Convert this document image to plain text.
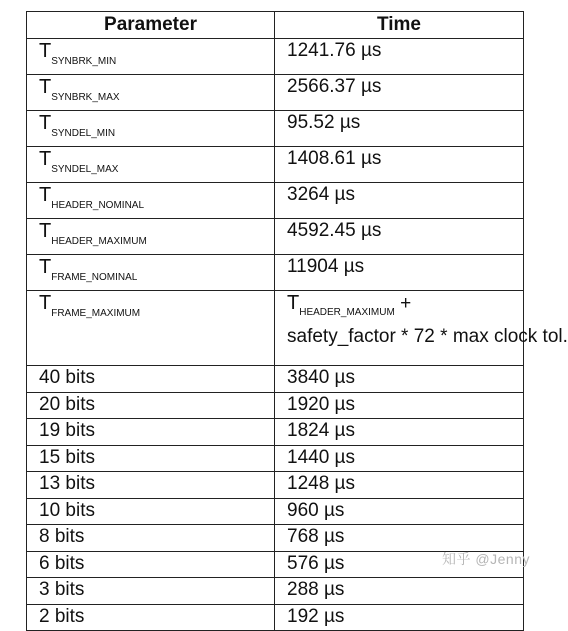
Parameter	Time
$T_{SYNBRK\_MIN}$	1241.76 µs
$T_{SYNBRK\_MAX}$	2566.37 µs
$T_{SYNDEL\_MIN}$	95.52 µs
$T_{SYNDEL\_MAX}$	1408.61 µs
$T_{HEADER\_NOMINAL}$	3264 µs
$T_{HEADER\_MAXIMUM}$	4592.45 µs
$T_{FRAME\_NOMINAL}$	11904 µs
$T_{FRAME\_MAXIMUM}$	$T_{HEADER\_MAXIMUM}$ +
safety_factor * 72 * max clock tol.
40 bits	3840 µs
20 bits	1920 µs
19 bits	1824 µs
15 bits	1440 µs
13 bits	1248 µs
10 bits	960 µs
8 bits	768 µs
6 bits	576 µs
3 bits	288 µs
2 bits	192 µs
知乎 @Jenny
